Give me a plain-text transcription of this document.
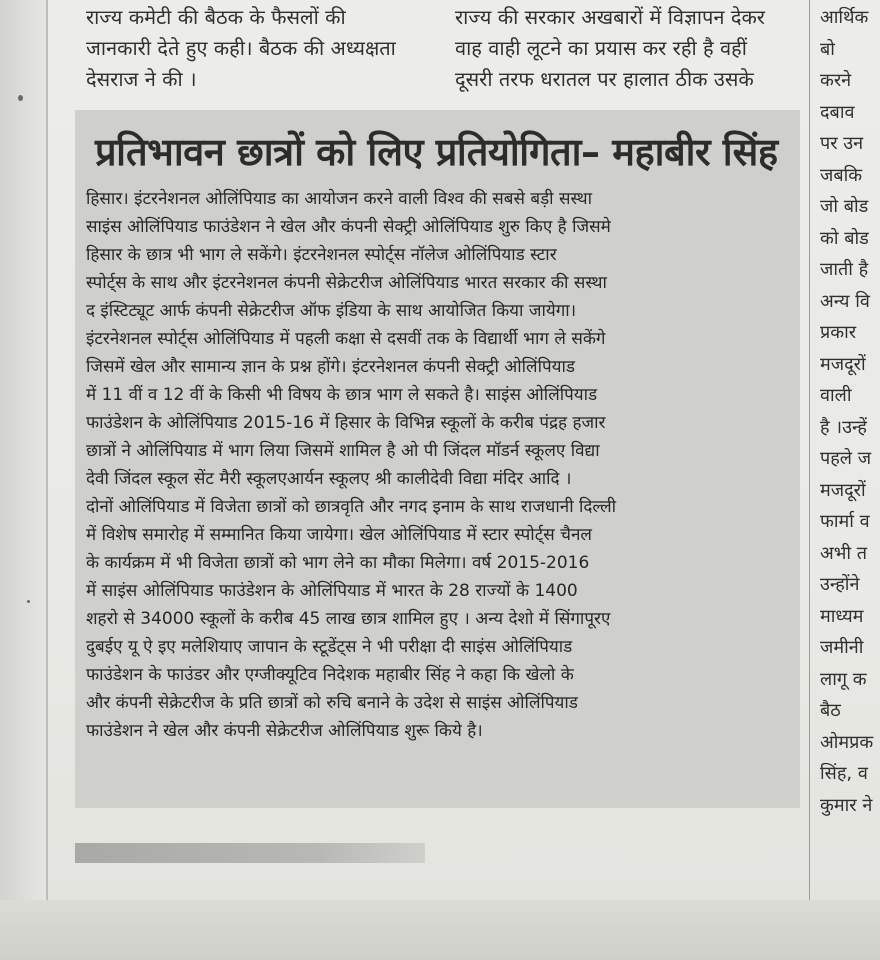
राज्य कमेटी की बैठक के फैसलों की
जानकारी देते हुए कही। बैठक की अध्यक्षता
देसराज ने की ।
राज्य की सरकार अखबारों में विज्ञापन देकर
वाह वाही लूटने का प्रयास कर रही है वहीं
दूसरी तरफ धरातल पर हालात ठीक उसके
आर्थिक
बो
करने
दबाव
पर उन
जबकि
जो बोड
को बोड
जाती है
अन्य वि
प्रकार
मजदूरों
वाली
है ।उन्हें
पहले ज
मजदूरों
फार्मा व
अभी त
उन्होंने
माध्यम
जमीनी
लागू क
बैठ
ओमप्रक
सिंह, व
कुमार ने
प्रतिभावन छात्रों को लिए प्रतियोगिता– महाबीर सिंह
हिसार। इंटरनेशनल ओलिंपियाड का आयोजन करने वाली विश्व की सबसे बड़ी सस्था
साइंस ओलिंपियाड फाउंडेशन ने खेल और कंपनी सेक्ट्री ओलिंपियाड शुरु किए है जिसमे
हिसार के छात्र भी भाग ले सकेंगे। इंटरनेशनल स्पोर्ट्स नॉलेज ओलिंपियाड स्टार
स्पोर्ट्स के साथ और इंटरनेशनल कंपनी सेक्रेटरीज ओलिंपियाड भारत सरकार की सस्था
द इंस्टिट्यूट आर्फ कंपनी सेक्रेटरीज ऑफ इंडिया के साथ आयोजित किया जायेगा।
इंटरनेशनल स्पोर्ट्स ओलिंपियाड में पहली कक्षा से दसवीं तक के विद्यार्थी भाग ले सकेंगे
जिसमें खेल और सामान्य ज्ञान के प्रश्न होंगे। इंटरनेशनल कंपनी सेक्ट्री ओलिंपियाड
में 11 वीं व 12 वीं के किसी भी विषय के छात्र भाग ले सकते है। साइंस ओलिंपियाड
फाउंडेशन के ओलिंपियाड 2015-16 में हिसार के विभिन्न स्कूलों के करीब पंद्रह हजार
छात्रों ने ओलिंपियाड में भाग लिया जिसमें शामिल है ओ पी जिंदल मॉडर्न स्कूलए विद्या
देवी जिंदल स्कूल सेंट मैरी स्कूलएआर्यन स्कूलए श्री कालीदेवी विद्या मंदिर आदि ।
दोनों ओलिंपियाड में विजेता छात्रों को छात्रवृति और नगद इनाम के साथ राजधानी दिल्ली
में विशेष समारोह में सम्मानित किया जायेगा। खेल ओलिंपियाड में स्टार स्पोर्ट्स चैनल
के कार्यक्रम में भी विजेता छात्रों को भाग लेने का मौका मिलेगा। वर्ष 2015-2016
में साइंस ओलिंपियाड फाउंडेशन के ओलिंपियाड में भारत के 28 राज्यों के 1400
शहरो से 34000 स्कूलों के करीब 45 लाख छात्र शामिल हुए । अन्य देशो में सिंगापूरए
दुबईए यू ऐ इए मलेशियाए जापान के स्टूडेंट्स ने भी परीक्षा दी साइंस ओलिंपियाड
फाउंडेशन के फाउंडर और एग्जीक्यूटिव निदेशक महाबीर सिंह ने कहा कि खेलो के
और कंपनी सेक्रेटरीज के प्रति छात्रों को रुचि बनाने के उदेश से साइंस ओलिंपियाड
फाउंडेशन ने खेल और कंपनी सेक्रेटरीज ओलिंपियाड शुरू किये है।
